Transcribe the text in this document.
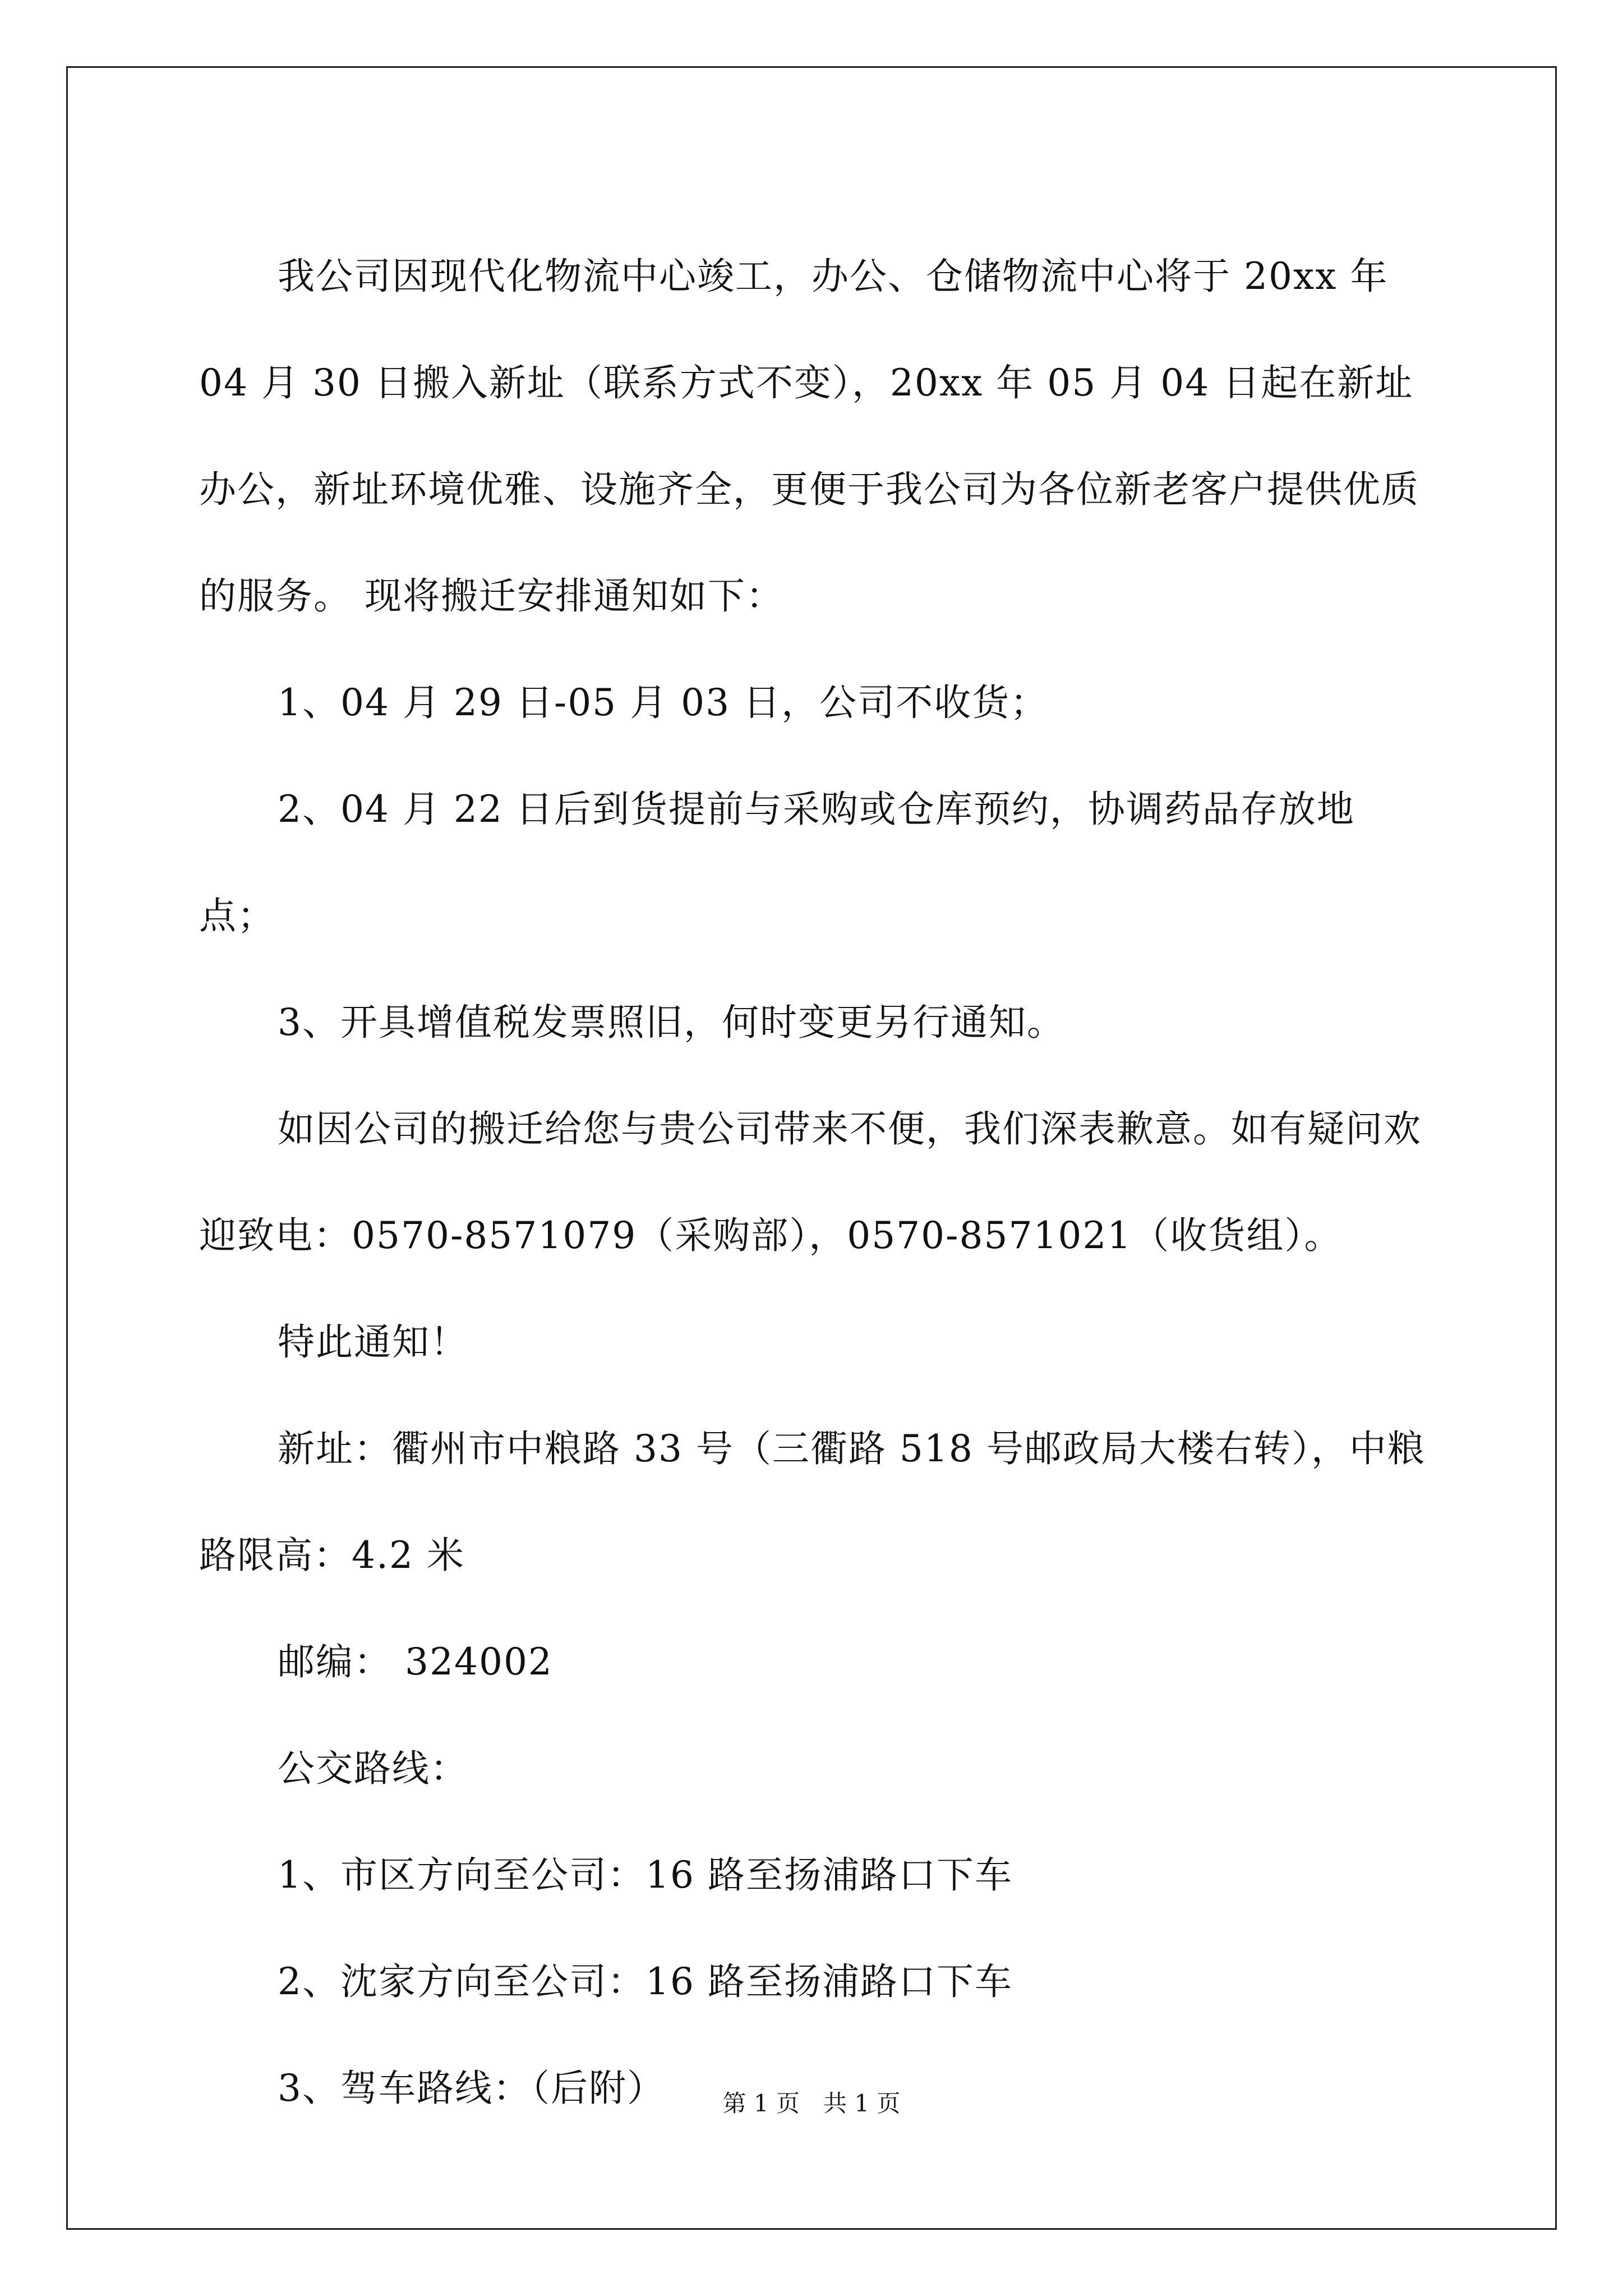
我公司因现代化物流中心竣工，办公、仓储物流中心将于 20xx 年 04 月 30 日搬入新址（联系方式不变），20xx 年 05 月 04 日起在新址办公，新址环境优雅、设施齐全，更便于我公司为各位新老客户提供优质的服务。 现将搬迁安排通知如下：

1、04 月 29 日-05 月 03 日，公司不收货；

2、04 月 22 日后到货提前与采购或仓库预约，协调药品存放地点；

3、开具增值税发票照旧，何时变更另行通知。

如因公司的搬迁给您与贵公司带来不便，我们深表歉意。如有疑问欢迎致电：0570-8571079（采购部），0570-8571021（收货组）。

特此通知！

新址：衢州市中粮路 33 号（三衢路 518 号邮政局大楼右转），中粮路限高：4.2 米

邮编： 324002

公交路线：

1、市区方向至公司：16 路至扬浦路口下车

2、沈家方向至公司：16 路至扬浦路口下车

3、驾车路线：（后附）	第 1 页　共 1 页
